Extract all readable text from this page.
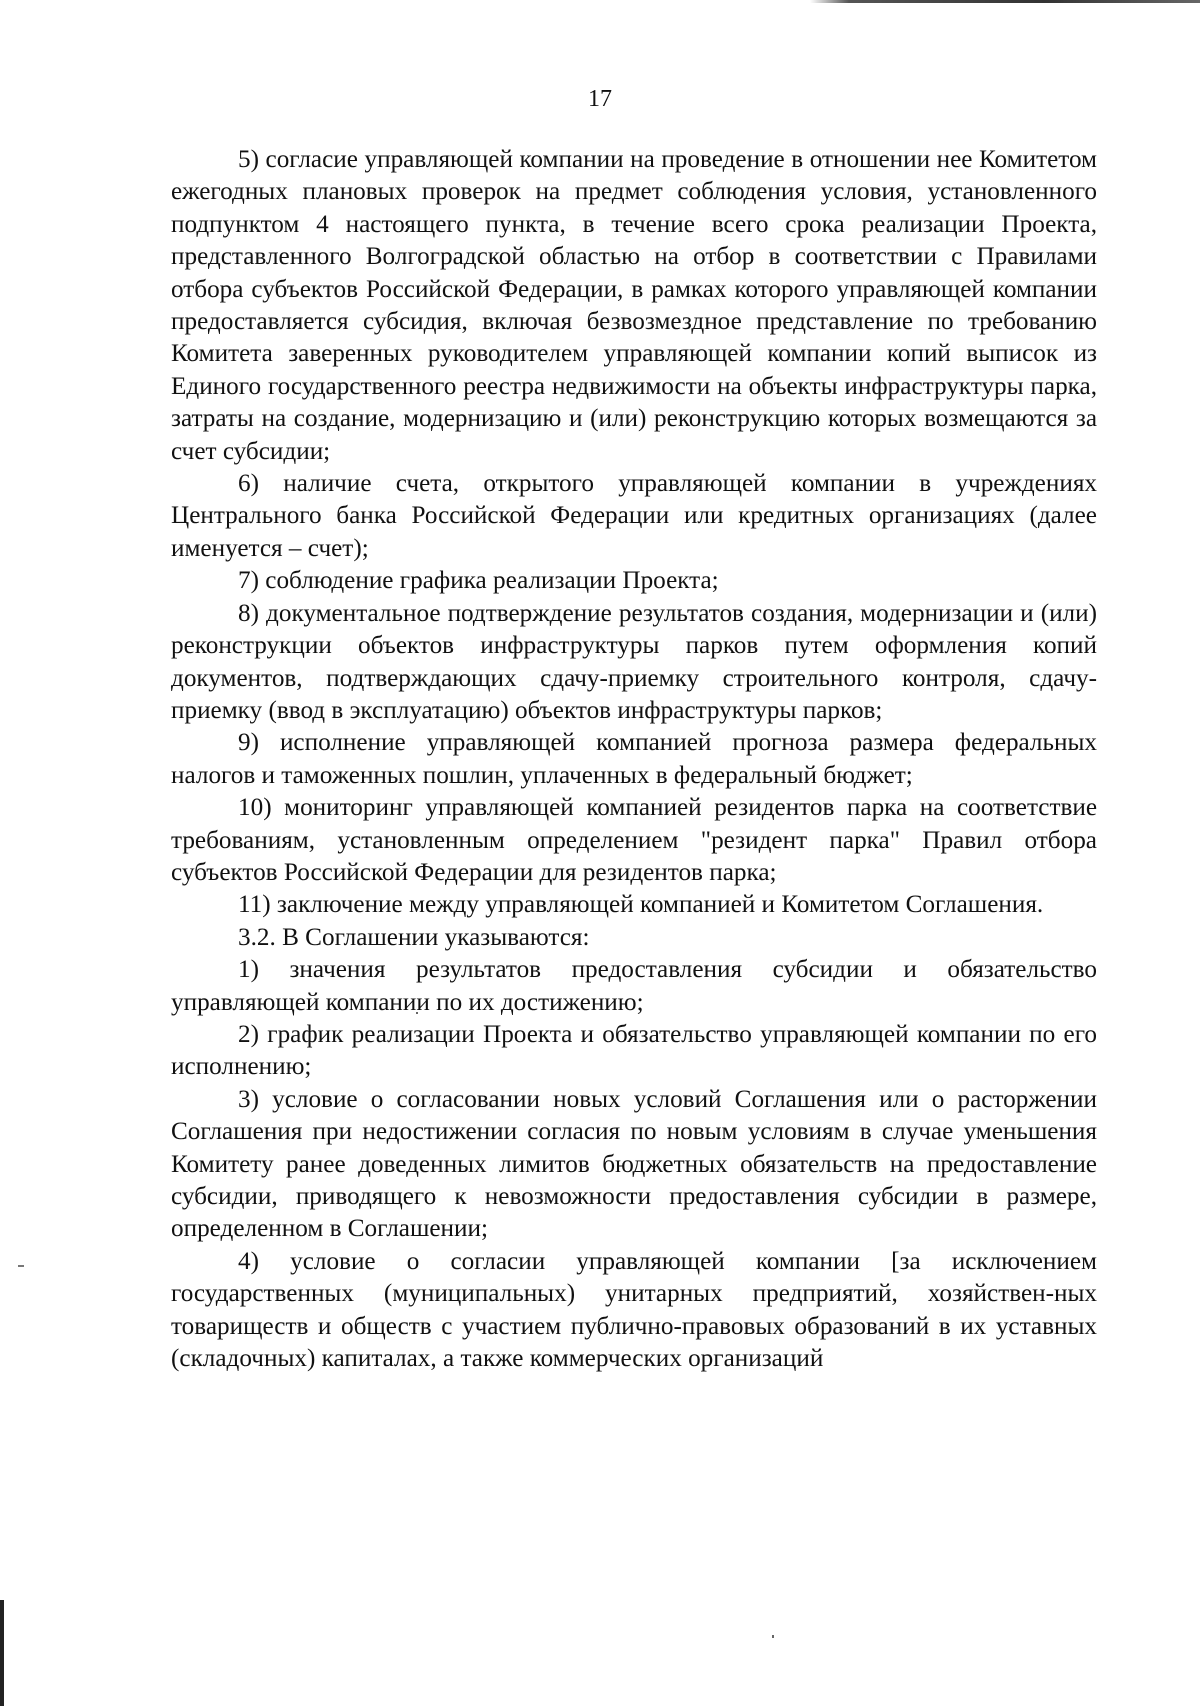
17

5) согласие управляющей компании на проведение в отношении нее Комитетом ежегодных плановых проверок на предмет соблюдения условия, установленного подпунктом 4 настоящего пункта, в течение всего срока реализации Проекта, представленного Волгоградской областью на отбор в соответствии с Правилами отбора субъектов Российской Федерации, в рамках которого управляющей компании предоставляется субсидия, включая безвозмездное представление по требованию Комитета заверенных руководителем управляющей компании копий выписок из Единого государственного реестра недвижимости на объекты инфраструктуры парка, затраты на создание, модернизацию и (или) реконструкцию которых возмещаются за счет субсидии;

6) наличие счета, открытого управляющей компании в учреждениях Центрального банка Российской Федерации или кредитных организациях (далее именуется – счет);

7) соблюдение графика реализации Проекта;

8) документальное подтверждение результатов создания, модернизации и (или) реконструкции объектов инфраструктуры парков путем оформления копий документов, подтверждающих сдачу-приемку строительного контроля, сдачу-приемку (ввод в эксплуатацию) объектов инфраструктуры парков;

9) исполнение управляющей компанией прогноза размера федеральных налогов и таможенных пошлин, уплаченных в федеральный бюджет;

10) мониторинг управляющей компанией резидентов парка на соответствие требованиям, установленным определением "резидент парка" Правил отбора субъектов Российской Федерации для резидентов парка;

11) заключение между управляющей компанией и Комитетом Соглашения.

3.2. В Соглашении указываются:

1) значения результатов предоставления субсидии и обязательство управляющей компании по их достижению;

2) график реализации Проекта и обязательство управляющей компании по его исполнению;

3) условие о согласовании новых условий Соглашения или о расторжении Соглашения при недостижении согласия по новым условиям в случае уменьшения Комитету ранее доведенных лимитов бюджетных обязательств на предоставление субсидии, приводящего к невозможности предоставления субсидии в размере, определенном в Соглашении;

4) условие о согласии управляющей компании [за исключением государственных (муниципальных) унитарных предприятий, хозяйствен-ных товариществ и обществ с участием публично-правовых образований в их уставных (складочных) капиталах, а также коммерческих организаций
